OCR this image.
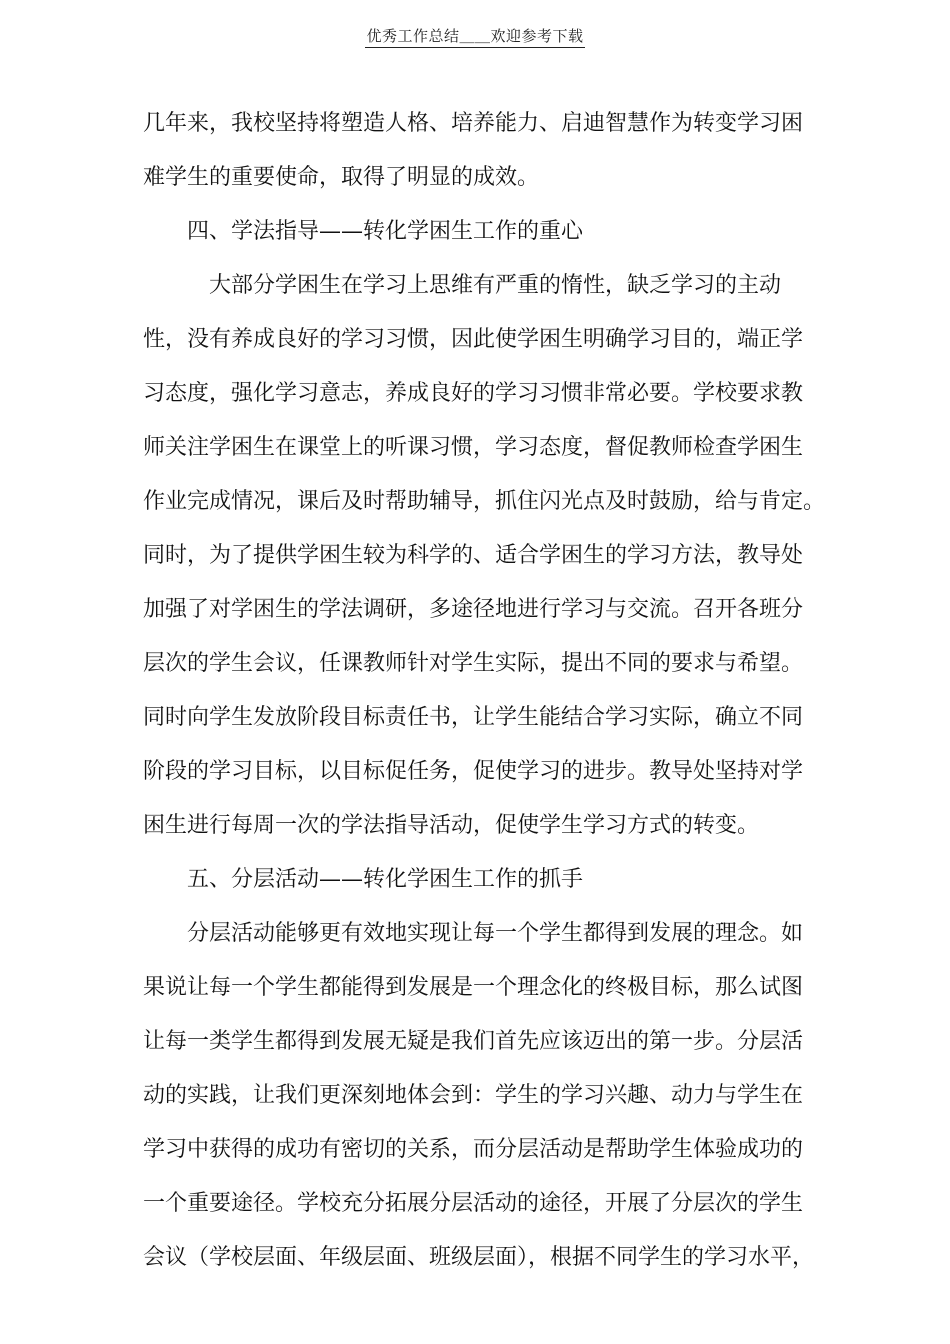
优秀工作总结＿＿欢迎参考下载
几年来，我校坚持将塑造人格、培养能力、启迪智慧作为转变学习困
难学生的重要使命，取得了明显的成效。
四、学法指导——转化学困生工作的重心
大部分学困生在学习上思维有严重的惰性，缺乏学习的主动
性，没有养成良好的学习习惯，因此使学困生明确学习目的，端正学
习态度，强化学习意志，养成良好的学习习惯非常必要。学校要求教
师关注学困生在课堂上的听课习惯，学习态度，督促教师检查学困生
作业完成情况，课后及时帮助辅导，抓住闪光点及时鼓励，给与肯定。
同时，为了提供学困生较为科学的、适合学困生的学习方法，教导处
加强了对学困生的学法调研，多途径地进行学习与交流。召开各班分
层次的学生会议，任课教师针对学生实际，提出不同的要求与希望。
同时向学生发放阶段目标责任书，让学生能结合学习实际，确立不同
阶段的学习目标，以目标促任务，促使学习的进步。教导处坚持对学
困生进行每周一次的学法指导活动，促使学生学习方式的转变。
五、分层活动——转化学困生工作的抓手
分层活动能够更有效地实现让每一个学生都得到发展的理念。如
果说让每一个学生都能得到发展是一个理念化的终极目标，那么试图
让每一类学生都得到发展无疑是我们首先应该迈出的第一步。分层活
动的实践，让我们更深刻地体会到：学生的学习兴趣、动力与学生在
学习中获得的成功有密切的关系，而分层活动是帮助学生体验成功的
一个重要途径。学校充分拓展分层活动的途径，开展了分层次的学生
会议（学校层面、年级层面、班级层面），根据不同学生的学习水平，
